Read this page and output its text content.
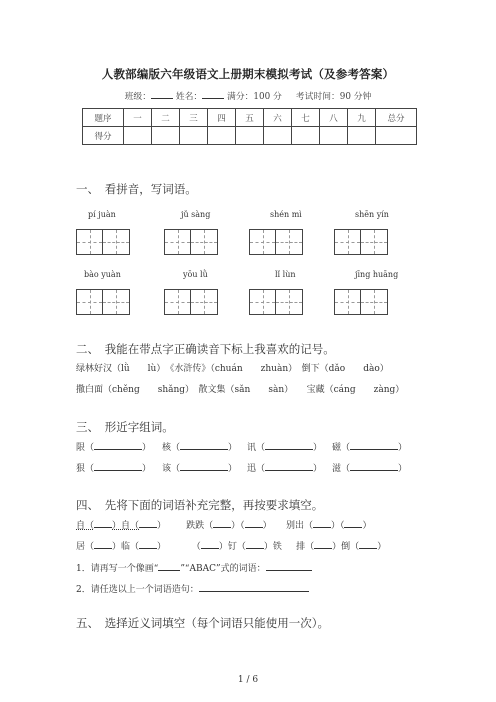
人教部编版六年级语文上册期末模拟考试（及参考答案）
班级：	姓名：	满分：100 分 考试时间：90 分钟
题序	一	二	三	四	五	六	七	八	九	总分
得分										
一、　看拼音，写词语。
pí juàn	jǔ sàng	shén mì	shēn yín
bào yuàn	yōu lǜ	lǐ lùn	jīng huāng
二、　我能在带点字正确读音下标上我喜欢的记号。
绿林好汉（lǜ　　lù）　《水浒传》（chuán　　zhuàn）　倒下（dǎo　　dào）
撒白面（chěng　　shǎng）　散文集（sǎn　　sàn）　　宝藏（cáng　　zàng）
三、　形近字组词。
限（	） 核（	） 讯（	） 磁（	）
狠（	） 该（	） 迅（	） 滋（	）
四、　先将下面的词语补充完整，再按要求填空。
自（ ）自（ ） 跌跌（ ）（ ） 别出（ ）（ ）
居（ ）临（ ）	（ ）钉（ ）铁 排（ ）倒（ ）
1．请再写一个像画“ ”“ABAC”式的词语：
2．请任选以上一个词语造句：
五、　选择近义词填空（每个词语只能使用一次）。
1 / 6
